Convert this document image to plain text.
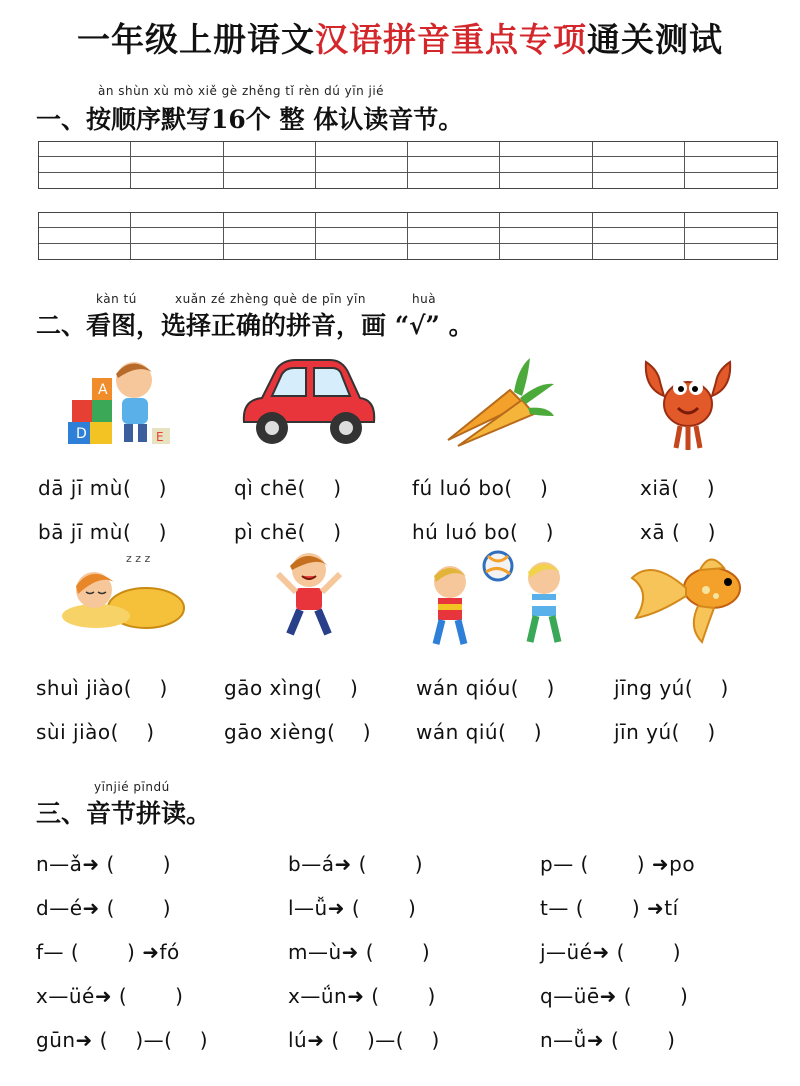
一年级上册语文汉语拼音重点专项通关测试
àn shùn xù mò xiě gè zhěng tǐ rèn dú yīn jié
一、按顺序默写16个 整 体认读音节。
kàn tú	xuǎn zé zhèng què de pīn yīn	huà
二、看图，选择正确的拼音，画 “√” 。
D
A
E
dā jī mù(　 )
bā jī mù(　 )
qì chē(　 )
pì chē(　 )
fú luó bo(　 )
hú luó bo(　 )
xiā(　 )
xā (　 )
z z z
shuì jiào(　 )
sùi jiào(　 )
gāo xìng(　 )
gāo xièng(　 )
wán qióu(　 )
wán qiú(　 )
jīng yú(　 )
jīn yú(　 )
yīnjié pīndú
三、音节拼读。
n—ǎ➜ (　　 )	b—á➜ (　　 )	p— (　　 ) ➜po
d—é➜ (　　 )	l—ǚ➜ (　　 )	t— (　　 ) ➜tí
f— (　　 ) ➜fó	m—ù➜ (　　 )	j—üé➜ (　　 )
x—üé➜ (　　 )	x—ǘn➜ (　　 )	q—üē➜ (　　 )
gūn➜ (　 )—(　 )	lú➜ (　 )—(　 )	n—ǚ➜ (　　 )
